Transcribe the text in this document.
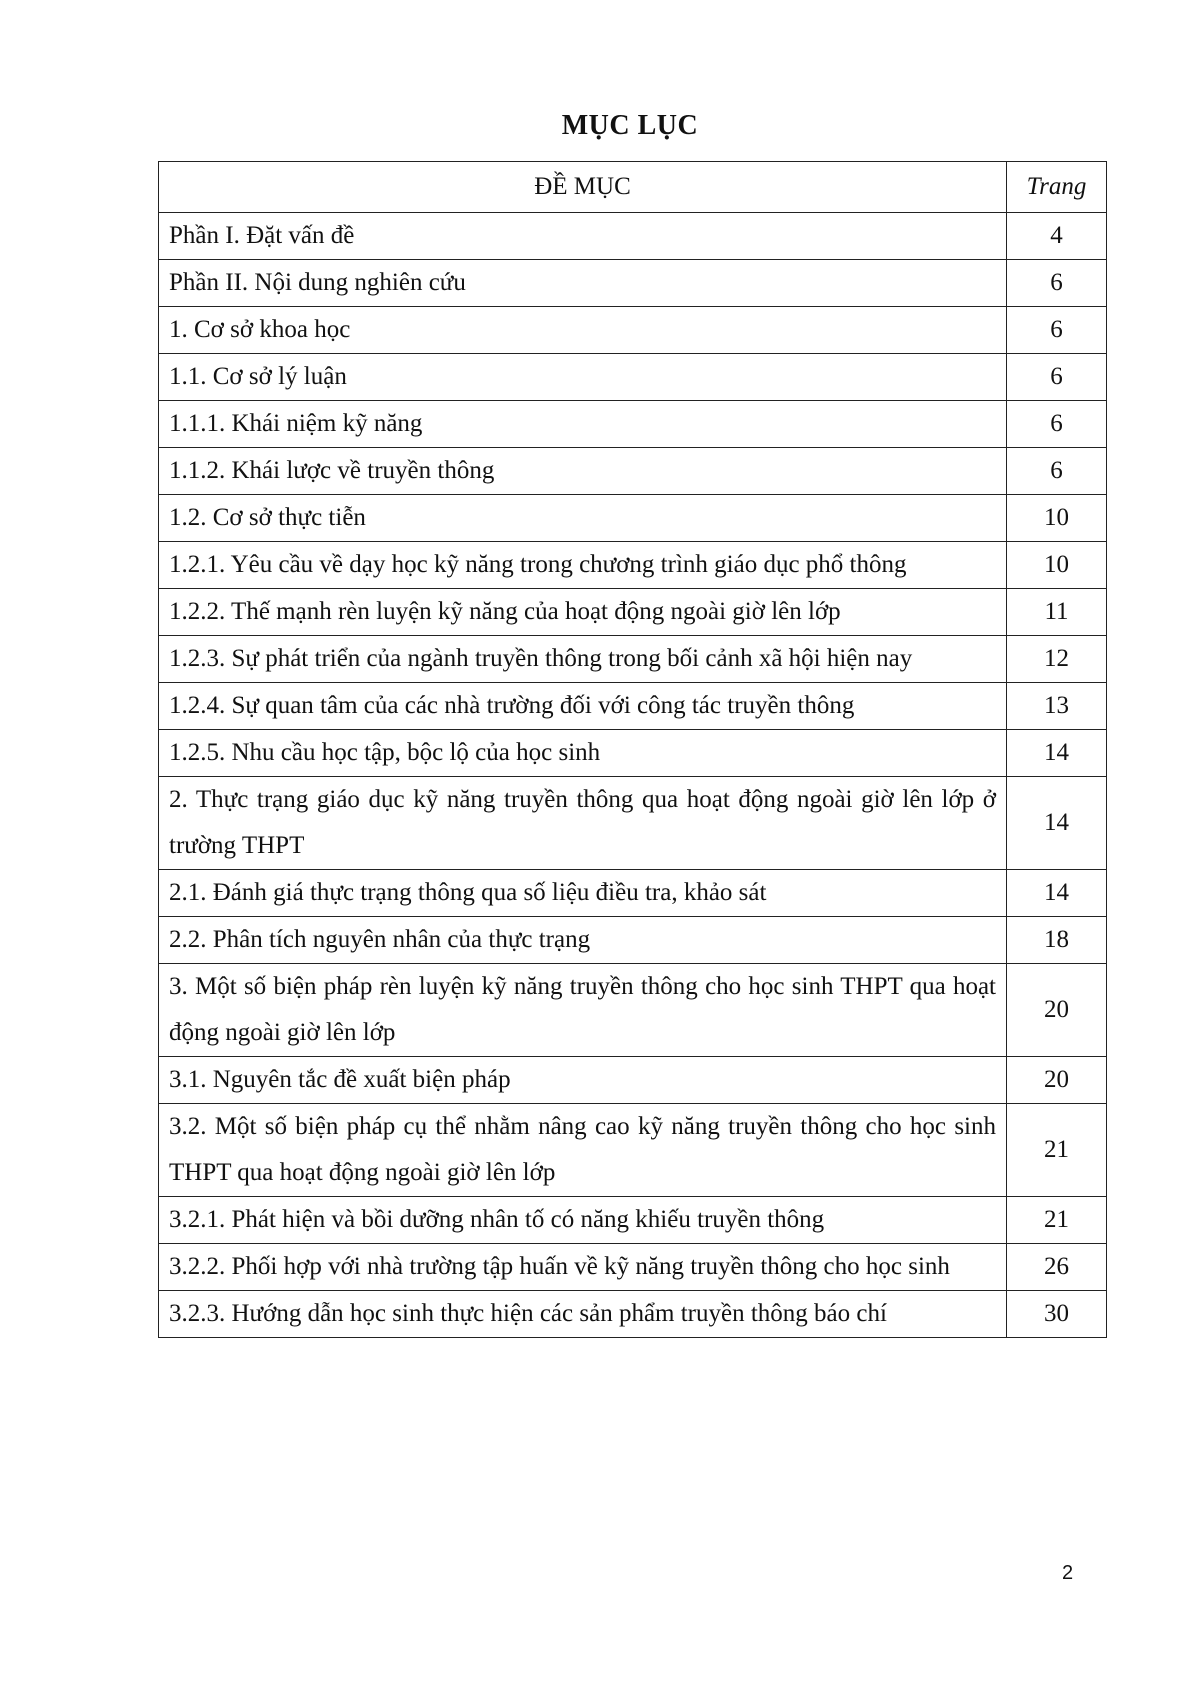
MỤC LỤC
ĐỀ MỤC	Trang
Phần I. Đặt vấn đề	4
Phần II. Nội dung nghiên cứu	6
1. Cơ sở khoa học	6
1.1. Cơ sở lý luận	6
1.1.1. Khái niệm kỹ năng	6
1.1.2. Khái lược về truyền thông	6
1.2. Cơ sở thực tiễn	10
1.2.1. Yêu cầu về dạy học kỹ năng trong chương trình giáo dục phổ thông	10
1.2.2. Thế mạnh rèn luyện kỹ năng của hoạt động ngoài giờ lên lớp	11
1.2.3. Sự phát triển của ngành truyền thông trong bối cảnh xã hội hiện nay	12
1.2.4. Sự quan tâm của các nhà trường đối với công tác truyền thông	13
1.2.5. Nhu cầu học tập, bộc lộ của học sinh	14
2. Thực trạng giáo dục kỹ năng truyền thông qua hoạt động ngoài giờ lên lớp ở trường THPT	14
2.1. Đánh giá thực trạng thông qua số liệu điều tra, khảo sát	14
2.2. Phân tích nguyên nhân của thực trạng	18
3. Một số biện pháp rèn luyện kỹ năng truyền thông cho học sinh THPT qua hoạt động ngoài giờ lên lớp	20
3.1. Nguyên tắc đề xuất biện pháp	20
3.2. Một số biện pháp cụ thể nhằm nâng cao kỹ năng truyền thông cho học sinh THPT qua hoạt động ngoài giờ lên lớp	21
3.2.1. Phát hiện và bồi dưỡng nhân tố có năng khiếu truyền thông	21
3.2.2. Phối hợp với nhà trường tập huấn về kỹ năng truyền thông cho học sinh	26
3.2.3. Hướng dẫn học sinh thực hiện các sản phẩm truyền thông báo chí	30
2
